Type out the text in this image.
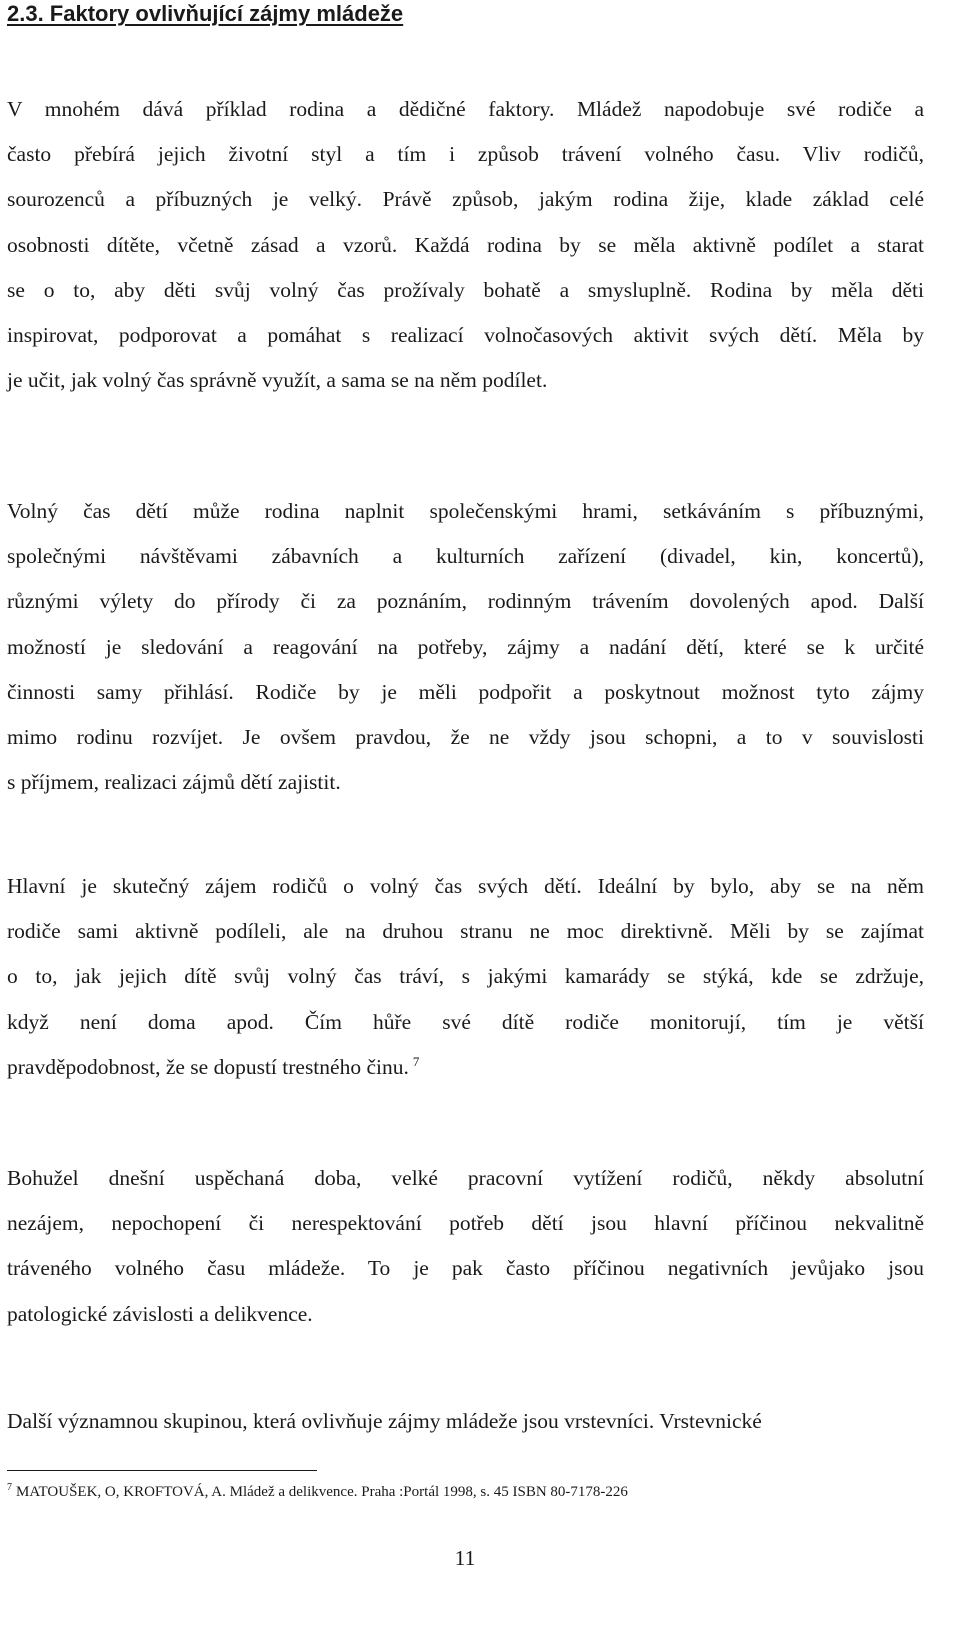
2.3. Faktory ovlivňující zájmy mládeže
V mnohém dává příklad rodina a dědičné faktory. Mládež napodobuje své rodiče a
často přebírá jejich životní styl a tím i způsob trávení volného času. Vliv rodičů,
sourozenců a příbuzných je velký. Právě způsob, jakým rodina žije, klade základ celé
osobnosti dítěte, včetně zásad a vzorů. Každá rodina by se měla aktivně podílet a starat
se o to, aby děti svůj volný čas prožívaly bohatě a smysluplně. Rodina by měla děti
inspirovat, podporovat a pomáhat s realizací volnočasových aktivit svých dětí. Měla by
je učit, jak volný čas správně využít, a sama se na něm podílet.
Volný čas dětí může rodina naplnit společenskými hrami, setkáváním s příbuznými,
společnými návštěvami zábavních a kulturních zařízení (divadel, kin, koncertů),
různými výlety do přírody či za poznáním, rodinným trávením dovolených apod. Další
možností je sledování a reagování na potřeby, zájmy a nadání dětí, které se k určité
činnosti samy přihlásí. Rodiče by je měli podpořit a poskytnout možnost tyto zájmy
mimo rodinu rozvíjet. Je ovšem pravdou, že ne vždy jsou schopni, a to v souvislosti
s příjmem, realizaci zájmů dětí zajistit.
Hlavní je skutečný zájem rodičů o volný čas svých dětí. Ideální by bylo, aby se na něm
rodiče sami aktivně podíleli, ale na druhou stranu ne moc direktivně. Měli by se zajímat
o to, jak jejich dítě svůj volný čas tráví, s jakými kamarády se stýká, kde se zdržuje,
když není doma apod. Čím hůře své dítě rodiče monitorují, tím je větší
pravděpodobnost, že se dopustí trestného činu. $^7$
Bohužel dnešní uspěchaná doba, velké pracovní vytížení rodičů, někdy absolutní
nezájem, nepochopení či nerespektování potřeb dětí jsou hlavní příčinou nekvalitně
tráveného volného času mládeže. To je pak často příčinou negativních jevůjako jsou
patologické závislosti a delikvence.
Další významnou skupinou, která ovlivňuje zájmy mládeže jsou vrstevníci. Vrstevnické

$^7$ MATOUŠEK, O, KROFTOVÁ, A. Mládež a delikvence. Praha :Portál 1998, s. 45 ISBN 80-7178-226

11
